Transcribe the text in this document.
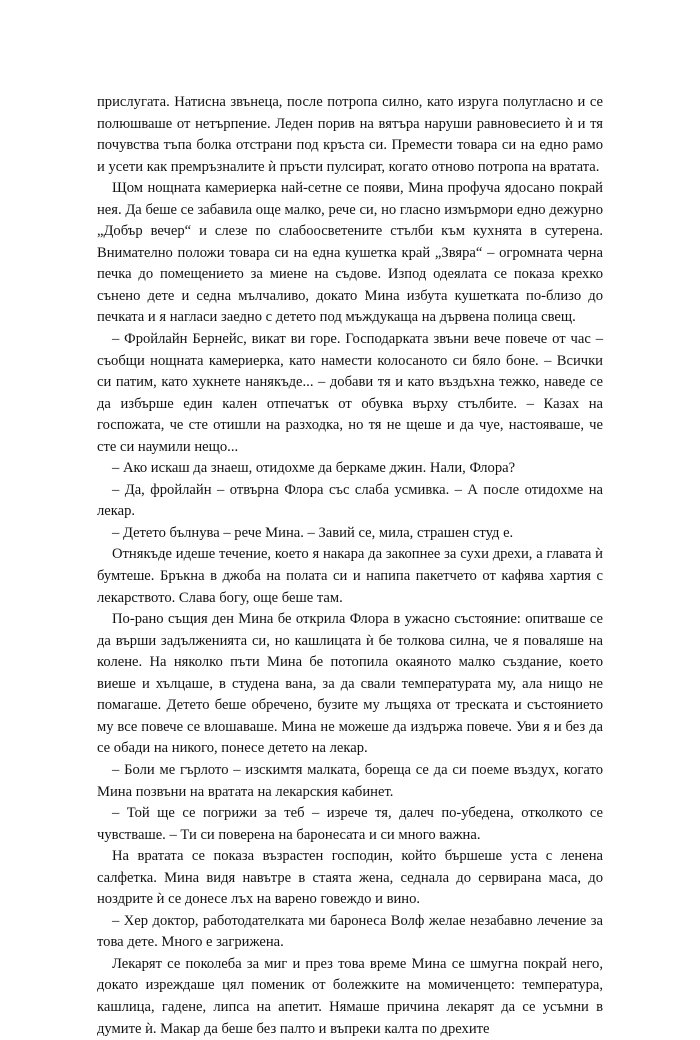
прислугата. Натисна звънеца, после потропа силно, като изруга полугласно и се полюшваше от нетърпение. Леден порив на вятъра наруши равновесието ѝ и тя почувства тъпа болка отстрани под кръста си. Премести товара си на едно рамо и усети как премръзналите ѝ пръсти пулсират, когато отново потропа на вратата.

Щом нощната камериерка най-сетне се появи, Мина профуча ядосано покрай нея. Да беше се забавила още малко, рече си, но гласно измърмори едно дежурно „Добър вечер“ и слезе по слабоосветените стълби към кухнята в сутерена. Внимателно положи товара си на една кушетка край „Звяра“ – огромната черна печка до помещението за миене на съдове. Изпод одеялата се показа крехко сънено дете и седна мълчаливо, докато Мина избута кушетката по-близо до печката и я нагласи заедно с детето под мъждукаща на дървена полица свещ.

– Фройлайн Бернейс, викат ви горе. Господарката звъни вече повече от час – съобщи нощната камериерка, като намести колосаното си бяло боне. – Всички си патим, като хукнете нанякъде... – добави тя и като въздъхна тежко, наведе се да избърше един кален отпечатък от обувка върху стълбите. – Казах на госпожата, че сте отишли на разходка, но тя не щеше и да чуе, настояваше, че сте си наумили нещо...

– Ако искаш да знаеш, отидохме да беркаме джин. Нали, Флора?

– Да, фройлайн – отвърна Флора със слаба усмивка. – А после отидохме на лекар.

– Детето бълнува – рече Мина. – Завий се, мила, страшен студ е.

Отнякъде идеше течение, което я накара да закопнее за сухи дрехи, а главата ѝ бумтеше. Бръкна в джоба на полата си и напипа пакетчето от кафява хартия с лекарството. Слава богу, още беше там.

По-рано същия ден Мина бе открила Флора в ужасно състояние: опитваше се да върши задълженията си, но кашлицата ѝ бе толкова силна, че я поваляше на колене. На няколко пъти Мина бе потопила окаяното малко създание, което виеше и хълцаше, в студена вана, за да свали температурата му, ала нищо не помагаше. Детето беше обречено, бузите му лъщяха от треската и състоянието му все повече се влошаваше. Мина не можеше да издържа повече. Уви я и без да се обади на никого, понесе детето на лекар.

– Боли ме гърлото – изскимтя малката, бореща се да си поеме въздух, когато Мина позвъни на вратата на лекарския кабинет.

– Той ще се погрижи за теб – изрече тя, далеч по-убедена, отколкото се чувстваше. – Ти си поверена на баронесата и си много важна.

На вратата се показа възрастен господин, който бършеше уста с ленена салфетка. Мина видя навътре в стаята жена, седнала до сервирана маса, до ноздрите ѝ се донесе лъх на варено говеждо и вино.

– Хер доктор, работодателката ми баронеса Волф желае незабавно лечение за това дете. Много е загрижена.

Лекарят се поколеба за миг и през това време Мина се шмугна покрай него, докато изреждаше цял поменик от болежките на момиченцето: температура, кашлица, гадене, липса на апетит. Нямаше причина лекарят да се усъмни в думите ѝ. Макар да беше без палто и въпреки калта по дрехите
